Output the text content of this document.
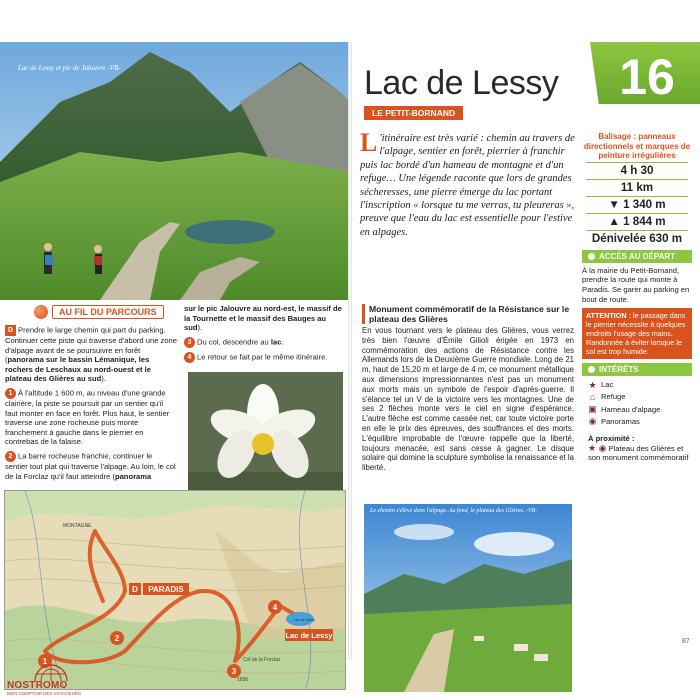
Lac de Lessy et pic de Jalouvre -VB-
AU FIL DU PARCOURS
D Prendre le large chemin qui part du parking. Continuer cette piste qui traverse d'abord une zone d'alpage avant de se poursuivre en forêt (panorama sur le bassin Lémanique, les rochers de Leschaux au nord-ouest et le plateau des Glières au sud).
1 À l'altitude 1 600 m, au niveau d'une grande clairière, la piste se poursuit par un sentier qu'il faut monter en face en forêt. Plus haut, le sentier traverse une zone rocheuse puis monte franchement à gauche dans le pierrier en contrebas de la falaise.
2 La barre rocheuse franchie, continuer le sentier tout plat qui traverse l'alpage. Au loin, le col de la Forclaz qu'il faut atteindre (panorama
sur le pic Jalouvre au nord-est, le massif de la Tournette et le massif des Bauges au sud).
3 Du col, descendre au lac.
4 Le retour se fait par le même itinéraire.
1
2
3
4
D PARADIS
Lac de Lessy
MONTAGNE
Col de la Forclaz
1896
Lac de Lessy
16
Lac de Lessy
LE PETIT-BORNAND
L 'itinéraire est très varié : chemin au travers de l'alpage, sentier en forêt, pierrier à franchir puis lac bordé d'un hameau de montagne et d'un refuge… Une légende raconte que lors de grandes sécheresses, une pierre émerge du lac portant l'inscription « lorsque tu me verras, tu pleureras », preuve que l'eau du lac est essentielle pour l'estive en alpages.
Monument commémoratif de la Résistance sur le plateau des Glières
En vous tournant vers le plateau des Glières, vous verrez très bien l'œuvre d'Émile Gilioli érigée en 1973 en commémoration des actions de Résistance contre les Allemands lors de la Deuxième Guerre mondiale. Long de 21 m, haut de 15,20 m et large de 4 m, ce monument métallique aux dimensions impressionnantes n'est pas un monument aux morts mais un symbole de l'espoir d'après-guerre. Il s'élance tel un V de la victoire vers les montagnes. Une de ses 2 flèches monte vers le ciel en signe d'espérance. L'autre flèche est comme cassée net, car toute victoire porte en elle le prix des épreuves, des souffrances et des morts. L'équilibre improbable de l'œuvre rappelle que la liberté, toujours menacée, est sans cesse à gagner. Le disque solaire qui domine la sculpture symbolise la renaissance et la liberté.
Le chemin s'élève dans l'alpage. Au fond, le plateau des Glières. -VB-
Balisage : panneaux directionnels et marques de peinture irrégulières
4 h 30
11 km
▼ 1 340 m
▲ 1 844 m
Dénivelée 630 m
ACCÈS AU DÉPART
À la mairie du Petit-Bornand, prendre la route qui monte à Paradis. Se garer au parking en bout de route.
ATTENTION : le passage dans le pierrier nécessite à quelques endroits l'usage des mains. Randonnée à éviter lorsque le sol est trop humide.
INTÉRÊTS
★ Lac
⌂ Refuge
▣ Hameau d'alpage
◉ Panoramas
À proximité :
★ ◉ Plateau des Glières et son monument commémoratif
87
NOSTROMO
BIEN COMPTOIR DES VOYAGEURS
